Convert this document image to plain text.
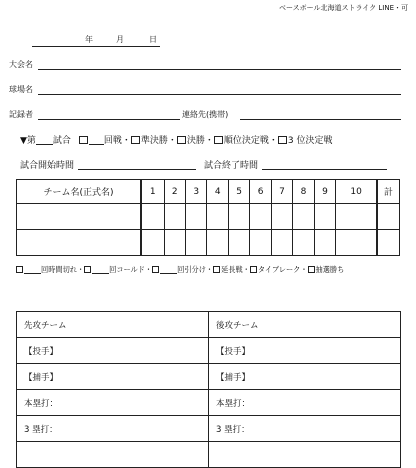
ベースボール北海道ストライク LINE・可
年	月	日
大会名
球場名
記録者	連絡先(携帯)
▼第 試合	回戦・ 準決勝・ 決勝・ 順位決定戦・ 3 位決定戦
試合開始時間	試合終了時間
チーム名(正式名)	1	2	3	4	5	6	7	8	9	10	計

回時間切れ・	回コールド・	回引分け・ 延長戦・ タイブレーク・ 抽選勝ち
先攻チーム	後攻チーム
【投手】	【投手】
【捕手】	【捕手】
本塁打：	本塁打：
3 塁打：	3 塁打：
